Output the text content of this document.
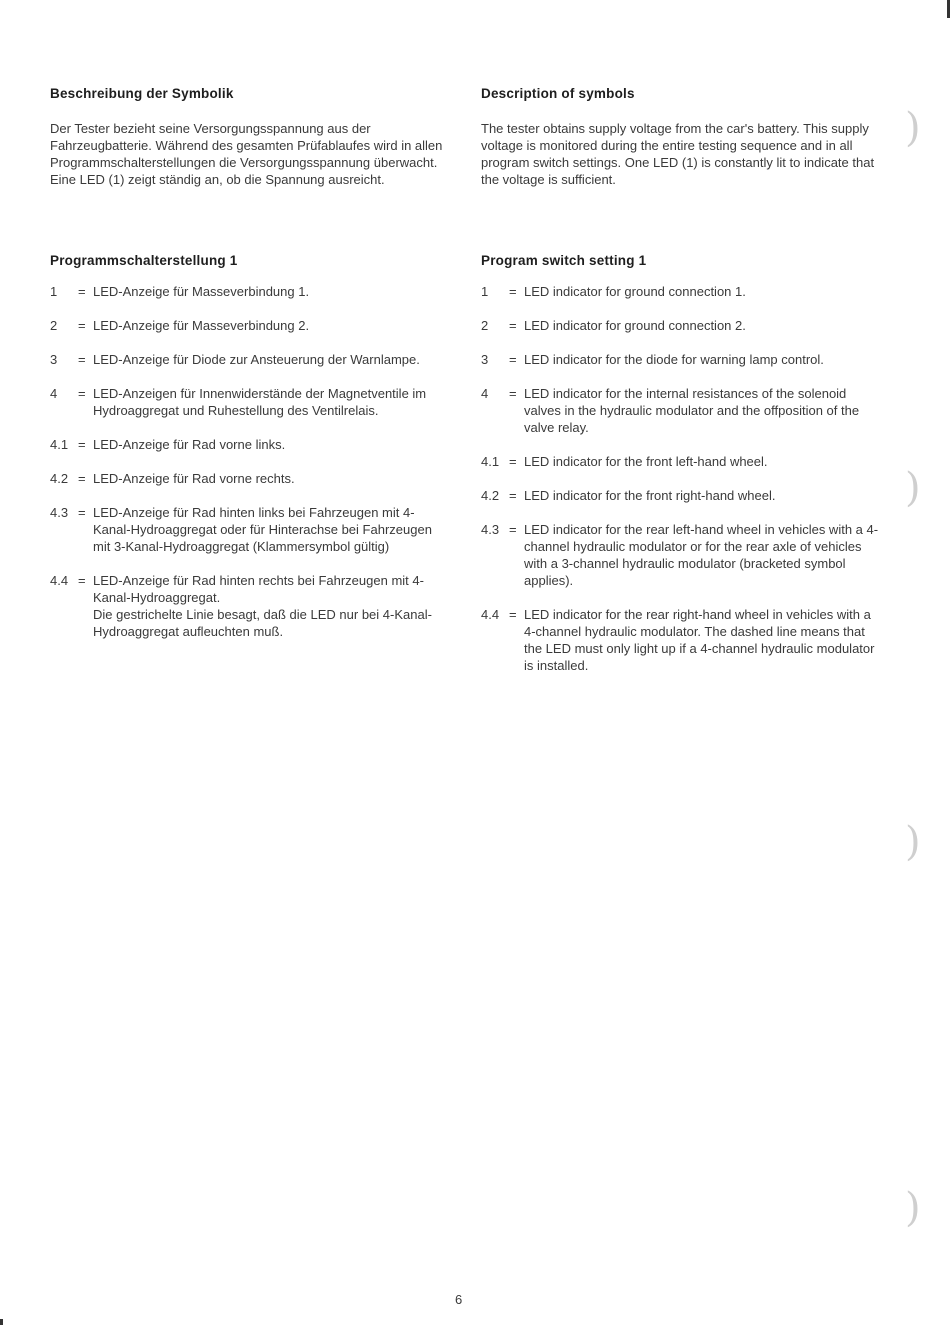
Beschreibung der Symbolik

Der Tester bezieht seine Versorgungsspannung aus der Fahrzeugbatterie. Während des gesamten Prüfablaufes wird in allen Programmschalterstellungen die Versorgungsspannung überwacht. Eine LED (1) zeigt ständig an, ob die Spannung ausreicht.

Programmschalterstellung 1
1	= LED-Anzeige für Masseverbindung 1.
2	= LED-Anzeige für Masseverbindung 2.
3	= LED-Anzeige für Diode zur Ansteuerung der Warnlampe.
4	= LED-Anzeigen für Innenwiderstände der Magnetventile im Hydroaggregat und Ruhestellung des Ventilrelais.
4.1 = LED-Anzeige für Rad vorne links.
4.2 = LED-Anzeige für Rad vorne rechts.
4.3 = LED-Anzeige für Rad hinten links bei Fahrzeugen mit 4-Kanal-Hydroaggregat oder für Hinterachse bei Fahrzeugen mit 3-Kanal-Hydroaggregat (Klammersymbol gültig)
4.4 = LED-Anzeige für Rad hinten rechts bei Fahrzeugen mit 4-Kanal-Hydroaggregat.
Die gestrichelte Linie besagt, daß die LED nur bei 4-Kanal-Hydroaggregat aufleuchten muß.
Description of symbols

The tester obtains supply voltage from the car's battery. This supply voltage is monitored during the entire testing sequence and in all program switch settings. One LED (1) is constantly lit to indicate that the voltage is sufficient.

Program switch setting 1
1	= LED indicator for ground connection 1.
2	= LED indicator for ground connection 2.
3	= LED indicator for the diode for warning lamp control.
4	= LED indicator for the internal resistances of the solenoid valves in the hydraulic modulator and the offposition of the valve relay.
4.1 = LED indicator for the front left-hand wheel.
4.2 = LED indicator for the front right-hand wheel.
4.3 = LED indicator for the rear left-hand wheel in vehicles with a 4-channel hydraulic modulator or for the rear axle of vehicles with a 3-channel hydraulic modulator (bracketed symbol applies).
4.4 = LED indicator for the rear right-hand wheel in vehicles with a 4-channel hydraulic modulator. The dashed line means that the LED must only light up if a 4-channel hydraulic modulator is installed.
6
)
)
)
)
